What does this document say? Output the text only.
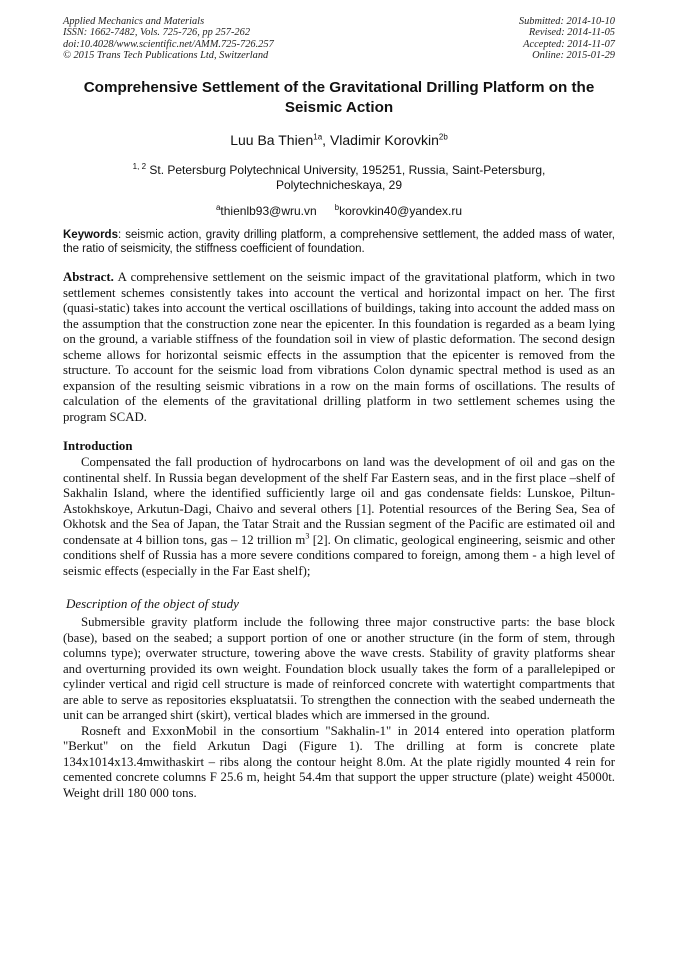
Applied Mechanics and Materials
ISSN: 1662-7482, Vols. 725-726, pp 257-262
doi:10.4028/www.scientific.net/AMM.725-726.257
© 2015 Trans Tech Publications Ltd, Switzerland
Submitted: 2014-10-10
Revised: 2014-11-05
Accepted: 2014-11-07
Online: 2015-01-29
Comprehensive Settlement of the Gravitational Drilling Platform on the Seismic Action
Luu Ba Thien$^{1a}$, Vladimir Korovkin$^{2b}$
$^{1, 2}$ St. Petersburg Polytechnical University, 195251, Russia, Saint-Petersburg, Polytechnicheskaya, 29
$^a$thienlb93@wru.vn $^b$korovkin40@yandex.ru
Keywords: seismic action, gravity drilling platform, a comprehensive settlement, the added mass of water, the ratio of seismicity, the stiffness coefficient of foundation.
Abstract. A comprehensive settlement on the seismic impact of the gravitational platform, which in two settlement schemes consistently takes into account the vertical and horizontal impact on her. The first (quasi-static) takes into account the vertical oscillations of buildings, taking into account the added mass on the assumption that the construction zone near the epicenter. In this foundation is regarded as a beam lying on the ground, a variable stiffness of the foundation soil in view of plastic deformation. The second design scheme allows for horizontal seismic effects in the assumption that the epicenter is removed from the structure. To account for the seismic load from vibrations Colon dynamic spectral method is used as an expansion of the resulting seismic vibrations in a row on the main forms of oscillations. The results of calculation of the elements of the gravitational drilling platform in two settlement schemes using the program SCAD.
Introduction

Compensated the fall production of hydrocarbons on land was the development of oil and gas on the continental shelf. In Russia began development of the shelf Far Eastern seas, and in the first place –shelf of Sakhalin Island, where the identified sufficiently large oil and gas condensate fields: Lunskoe, Piltun-Astokhskoye, Arkutun-Dagi, Chaivo and several others [1]. Potential resources of the Bering Sea, Sea of Okhotsk and the Sea of Japan, the Tatar Strait and the Russian segment of the Pacific are estimated oil and condensate at 4 billion tons, gas – 12 trillion $m^3$ [2]. On climatic, geological engineering, seismic and other conditions shelf of Russia has a more severe conditions compared to foreign, among them - a high level of seismic effects (especially in the Far East shelf);

Description of the object of study

Submersible gravity platform include the following three major constructive parts: the base block (base), based on the seabed; a support portion of one or another structure (in the form of stem, through columns type); overwater structure, towering above the wave crests. Stability of gravity platforms shear and overturning provided its own weight. Foundation block usually takes the form of a parallelepiped or cylinder vertical and rigid cell structure is made of reinforced concrete with watertight compartments that are able to serve as repositories ekspluаtatsii. To strengthen the connection with the seabed underneath the unit can be arranged shirt (skirt), vertical blades which are immersed in the ground.

Rosneft and ExxonMobil in the consortium "Sakhalin-1" in 2014 entered into operation platform "Berkut" on the field Arkutun Dagi (Figure 1). The drilling at form is concrete plate 134x1014x13.4mwithaskirt – ribs along the contour height 8.0m. At the plate rigidly mounted 4 rein for cemented concrete columns F 25.6 m, height 54.4m that support the upper structure (plate) weight 45000t. Weight drill 180 000 tons.
